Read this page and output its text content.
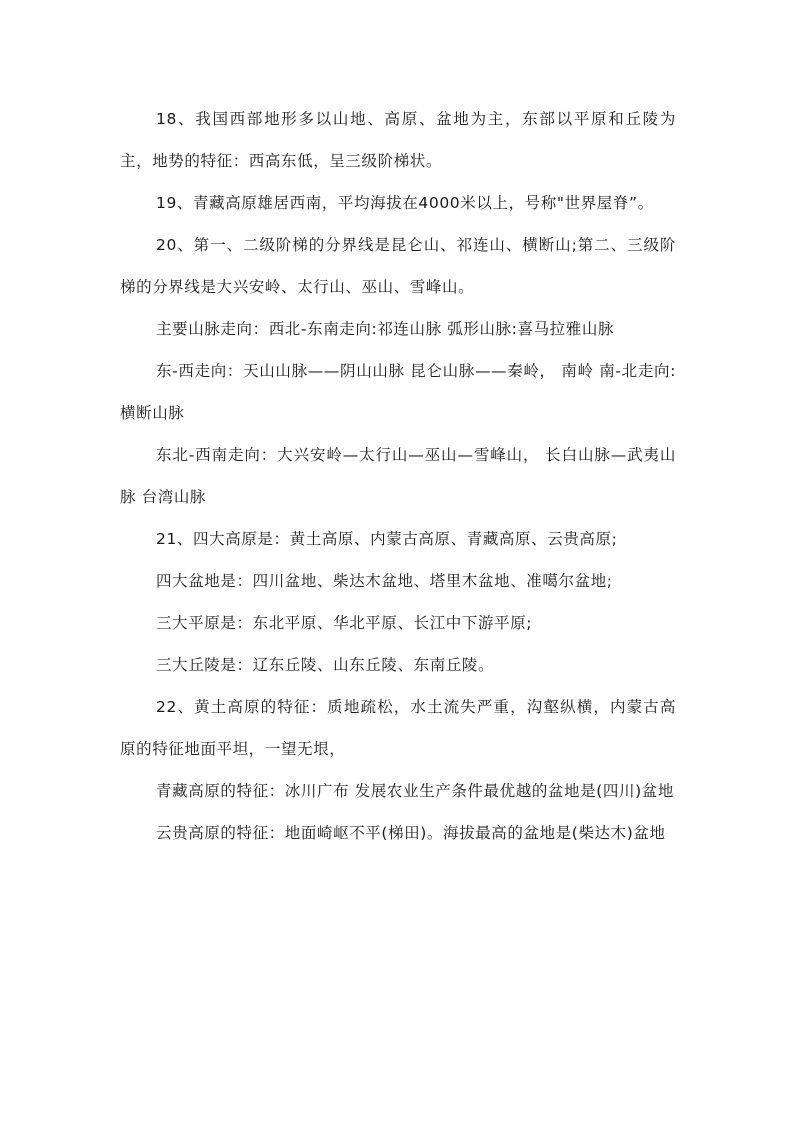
18、我国西部地形多以山地、高原、盆地为主，东部以平原和丘陵为主，地势的特征：西高东低，呈三级阶梯状。

19、青藏高原雄居西南，平均海拔在4000米以上，号称"世界屋脊”。

20、第一、二级阶梯的分界线是昆仑山、祁连山、横断山;第二、三级阶梯的分界线是大兴安岭、太行山、巫山、雪峰山。

主要山脉走向：西北-东南走向:祁连山脉 弧形山脉:喜马拉雅山脉

东-西走向：天山山脉——阴山山脉 昆仑山脉——秦岭， 南岭 南-北走向:横断山脉

东北-西南走向：大兴安岭—太行山—巫山—雪峰山， 长白山脉—武夷山脉 台湾山脉

21、四大高原是：黄土高原、内蒙古高原、青藏高原、云贵高原;

四大盆地是：四川盆地、柴达木盆地、塔里木盆地、准噶尔盆地;

三大平原是：东北平原、华北平原、长江中下游平原;

三大丘陵是：辽东丘陵、山东丘陵、东南丘陵。

22、黄土高原的特征：质地疏松，水土流失严重，沟壑纵横，内蒙古高原的特征地面平坦，一望无垠，

青藏高原的特征：冰川广布 发展农业生产条件最优越的盆地是(四川)盆地

云贵高原的特征：地面崎岖不平(梯田)。海拔最高的盆地是(柴达木)盆地
